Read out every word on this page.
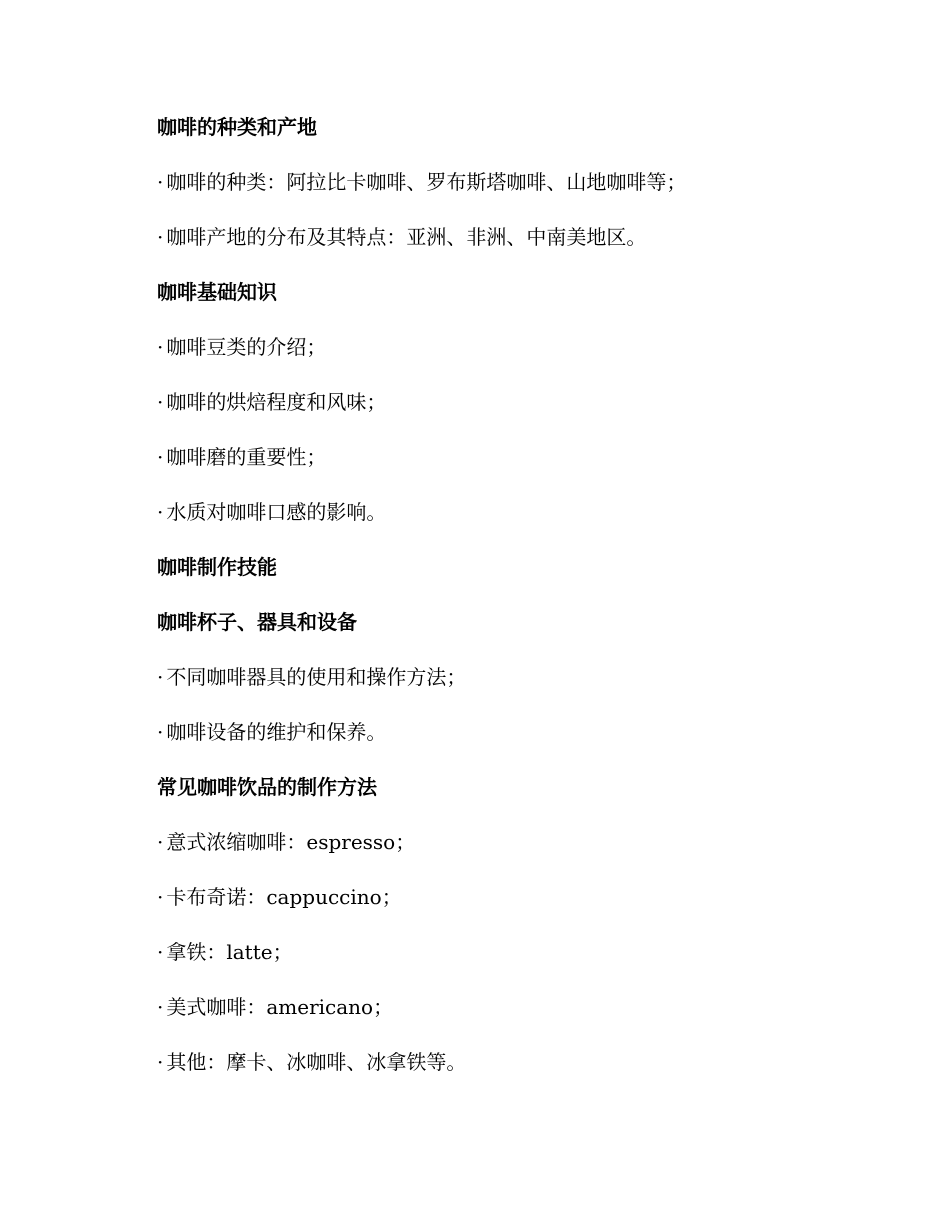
咖啡的种类和产地
· 咖啡的种类：阿拉比卡咖啡、罗布斯塔咖啡、山地咖啡等；
· 咖啡产地的分布及其特点：亚洲、非洲、中南美地区。
咖啡基础知识
· 咖啡豆类的介绍；
· 咖啡的烘焙程度和风味；
· 咖啡磨的重要性；
· 水质对咖啡口感的影响。
咖啡制作技能
咖啡杯子、器具和设备
· 不同咖啡器具的使用和操作方法；
· 咖啡设备的维护和保养。
常见咖啡饮品的制作方法
· 意式浓缩咖啡：espresso；
· 卡布奇诺：cappuccino；
· 拿铁：latte；
· 美式咖啡：americano；
· 其他：摩卡、冰咖啡、冰拿铁等。
